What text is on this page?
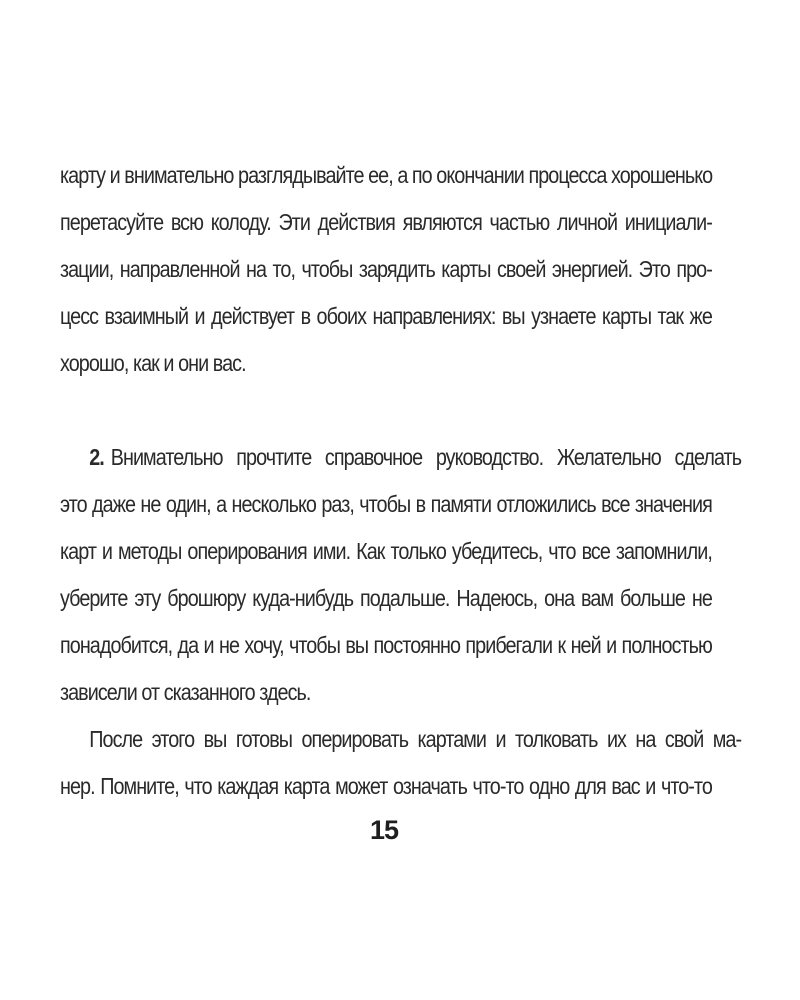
карту и внимательно разглядывайте ее, а по окончании процесса хорошенько
перетасуйте всю колоду. Эти действия являются частью личной инициали-
зации, направленной на то, чтобы зарядить карты своей энергией. Это про-
цесс взаимный и действует в обоих направлениях: вы узнаете карты так же
хорошо, как и они вас.
2. Внимательно прочтите справочное руководство. Желательно сделать
это даже не один, а несколько раз, чтобы в памяти отложились все значения
карт и методы оперирования ими. Как только убедитесь, что все запомнили,
уберите эту брошюру куда-нибудь подальше. Надеюсь, она вам больше не
понадобится, да и не хочу, чтобы вы постоянно прибегали к ней и полностью
зависели от сказанного здесь.
После этого вы готовы оперировать картами и толковать их на свой ма-
нер. Помните, что каждая карта может означать что-то одно для вас и что-то
15
